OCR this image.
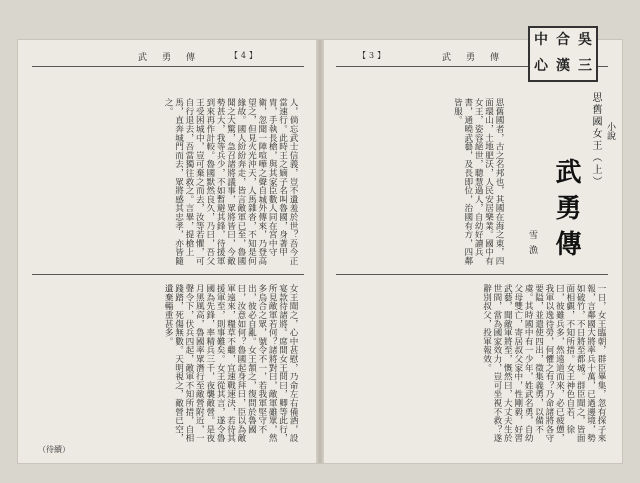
武　勇　傳	【4】
人，倘忘武士信義，豈不遺羞於世？吾今正當速行。此時王之嫡子名叫魯國，身著甲胄，手執長槍，與其家臣數人同在宮中守衛，忽聞一陣喧嘩之聲自城外傳來，乃登高望之，但見火光沖天，人馬雜沓，不知是何緣故。國人紛紛奔走，皆言敵軍已至，魯國聞之大驚，急召諸將議事，眾將皆曰，今敵勢甚大，我等兵少，不如暫避其鋒，待援軍到來再作計較。魯國默然良久，乃曰，吾父王受困城中，豈可棄之而去，汝等若懼，可自行退去，吾當獨往救之。言畢，提槍上馬，直奔城門而去，眾將感其忠孝，亦皆隨之。
女王聞之，心中甚慰，乃命左右備酒，設宴款待諸將。席間女王問曰，卿等此行，所見敵軍若何？諸將對曰，敵軍雖眾，然多烏合之眾，號令不一，若我軍堅守不出，彼必自亂。女王頷之，復問於魯國曰，汝意如何？魯國起身拜曰，臣以為敵軍遠來，糧草不繼，宜速戰速決，若待其援軍至，則事難矣。女王從其言，遂令魯國為先鋒，率精兵三千，夜襲敵營。是夜月黑風高，魯國率眾潛行至敵營附近，一聲令下，伏兵四起，敵軍不知所措，自相踐踏，死傷無數。天明視之，敵營已空，遺棄輜重甚多。
（待續）
【3】	武　勇　傳
小說
思舊國女王（上）
武勇傳
雪漁
思舊國者，古之名邦也，其國在海之東，四面環山，土地肥沃，人民安居樂業。國中有女王，姿容絕世，聰慧過人，自幼好讀兵書，通曉武藝，及長即位，治國有方，四鄰皆服。
一日，女王臨朝，群臣畢集，忽有探子來報，言鄰國大將率兵十萬，已過邊境，勢如破竹，不日將至都城。群臣聞之，皆面面相覷，不知所措。女王神色自若，徐曰，彼雖兵多，然遠道而來，必已疲憊，我軍以逸待勞，何懼之有？乃命諸將各守要隘，並遣使四出，徵集義勇，以備不虞。其時國中有一少年，姓武名勇，自幼父母雙亡，寄居叔父家中，性剛毅，好習武藝，聞敵軍將至，慨然曰，大丈夫生於世間，當為國家效力，豈可坐視不救？遂辭別叔父，投軍報效。
中 合 吳
心 漢 三
